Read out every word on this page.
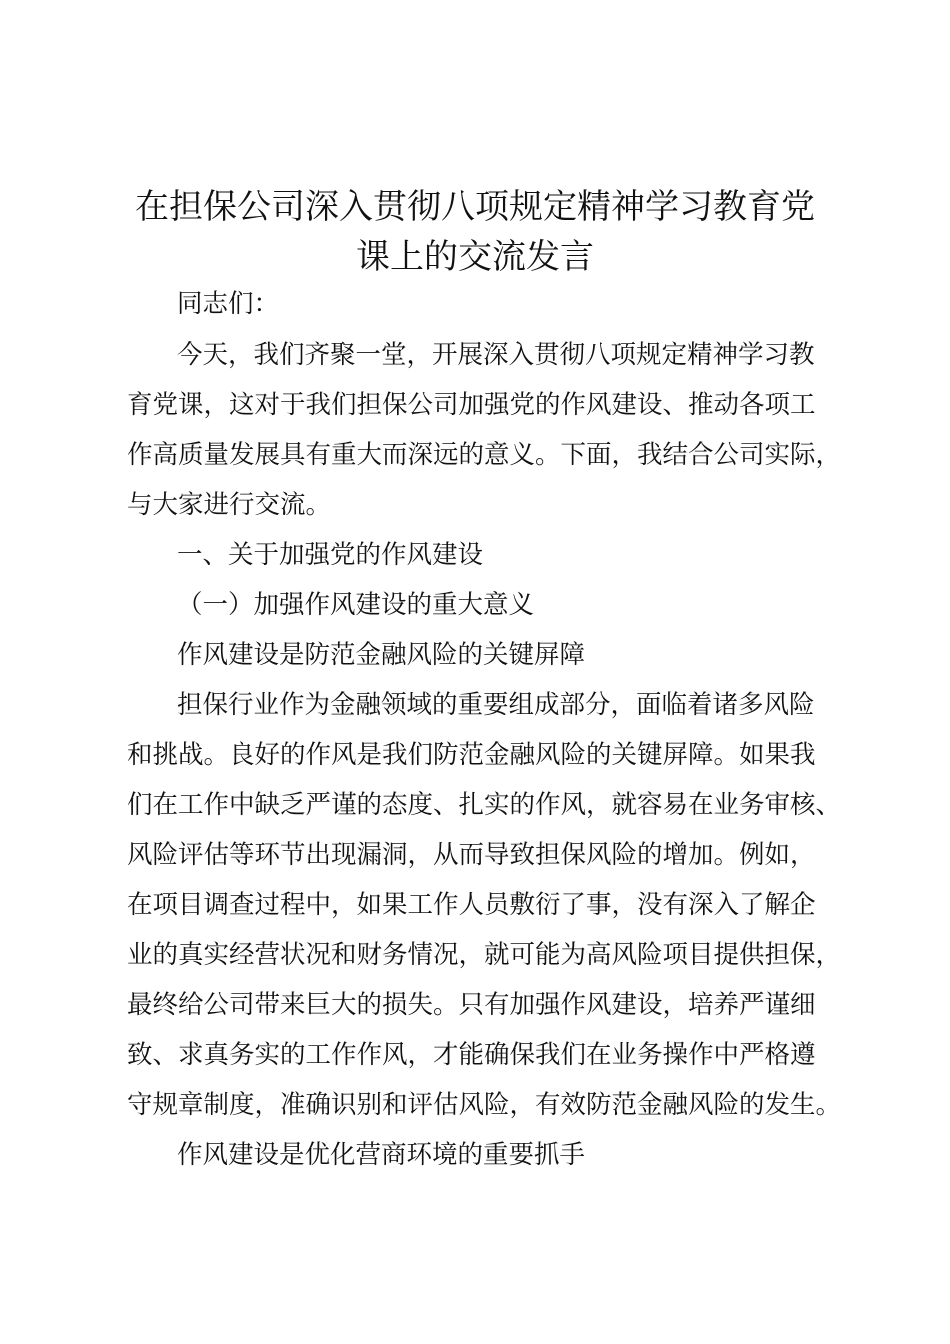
在担保公司深入贯彻八项规定精神学习教育党
课上的交流发言

同志们：

今天，我们齐聚一堂，开展深入贯彻八项规定精神学习教

育党课，这对于我们担保公司加强党的作风建设、推动各项工

作高质量发展具有重大而深远的意义。下面，我结合公司实际，

与大家进行交流。

一、关于加强党的作风建设

（一）加强作风建设的重大意义

作风建设是防范金融风险的关键屏障

担保行业作为金融领域的重要组成部分，面临着诸多风险

和挑战。良好的作风是我们防范金融风险的关键屏障。如果我

们在工作中缺乏严谨的态度、扎实的作风，就容易在业务审核、

风险评估等环节出现漏洞，从而导致担保风险的增加。例如，

在项目调查过程中，如果工作人员敷衍了事，没有深入了解企

业的真实经营状况和财务情况，就可能为高风险项目提供担保，

最终给公司带来巨大的损失。只有加强作风建设，培养严谨细

致、求真务实的工作作风，才能确保我们在业务操作中严格遵

守规章制度，准确识别和评估风险，有效防范金融风险的发生。

作风建设是优化营商环境的重要抓手
